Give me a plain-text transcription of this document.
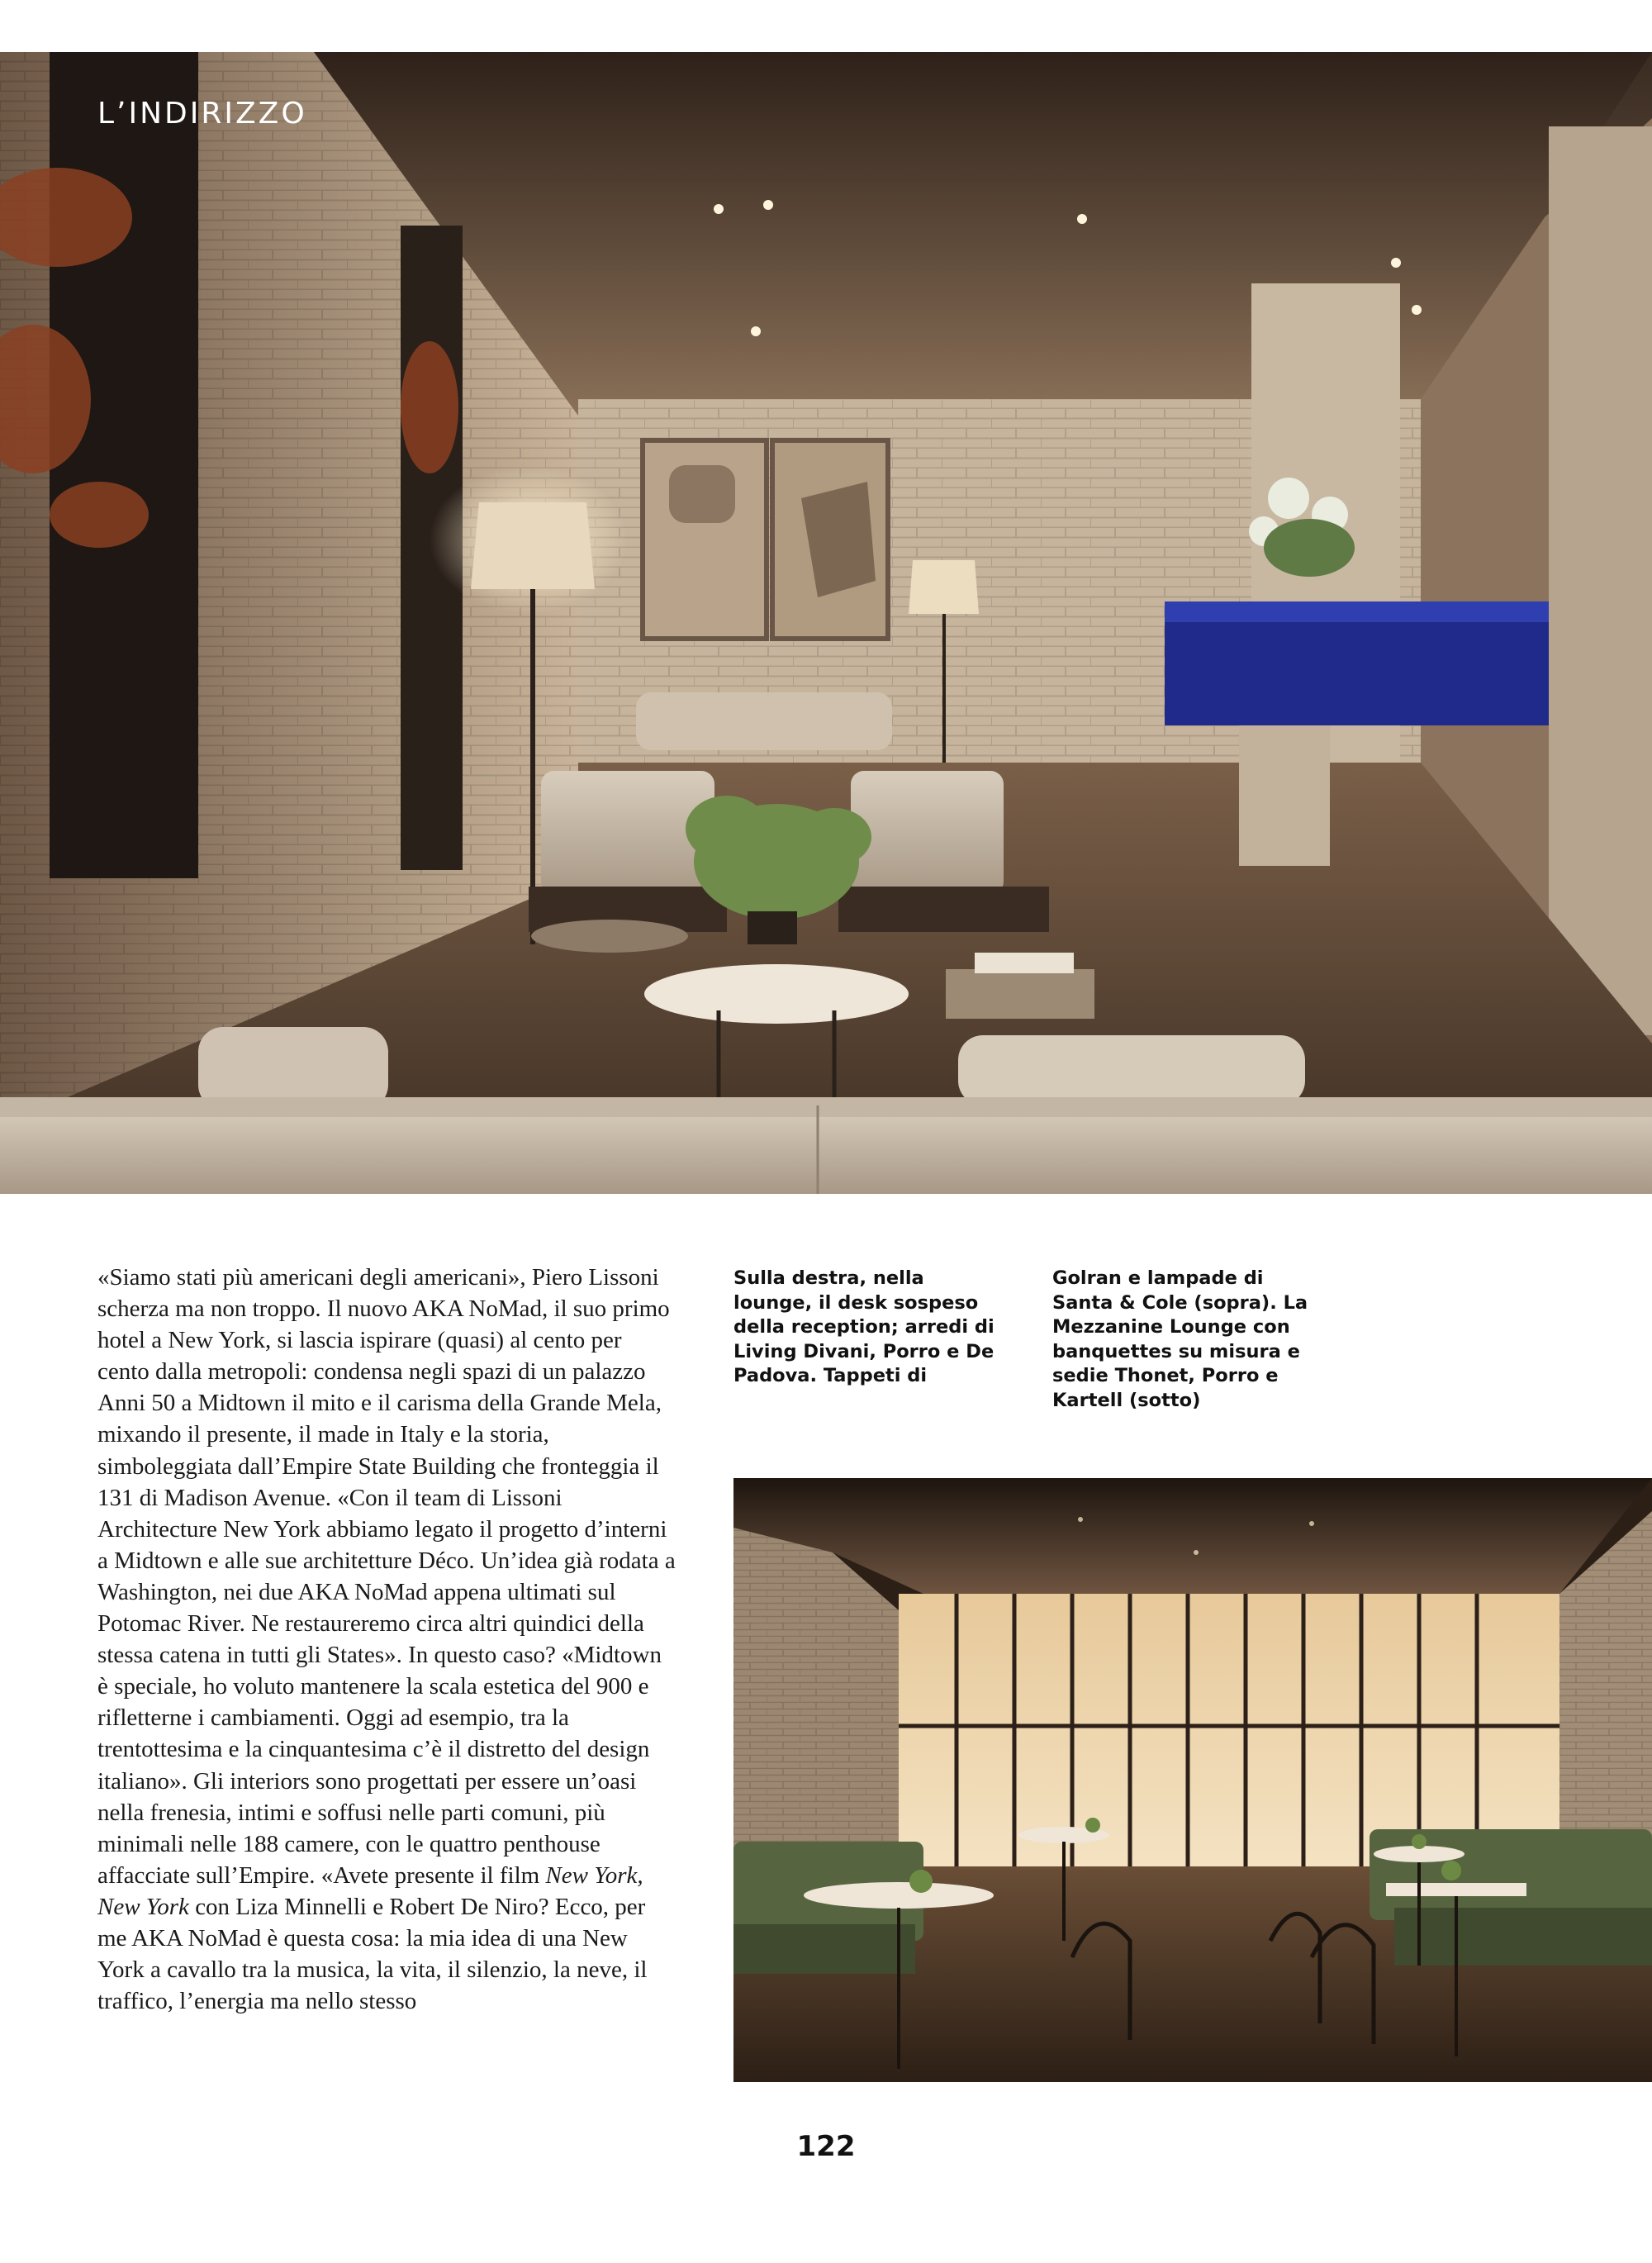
L’INDIRIZZO

«Siamo stati più americani degli americani», Piero Lissoni scherza ma non troppo. Il nuovo AKA NoMad, il suo primo hotel a New York, si lascia ispirare (quasi) al cento per cento dalla metropoli: condensa negli spazi di un palazzo Anni 50 a Midtown il mito e il carisma della Grande Mela, mixando il presente, il made in Italy e la storia, simboleggiata dall’Empire State Building che fronteggia il 131 di Madison Avenue. «Con il team di Lissoni Architecture New York abbiamo legato il progetto d’interni a Midtown e alle sue architetture Déco. Un’idea già rodata a Washington, nei due AKA NoMad appena ultimati sul Potomac River. Ne restaureremo circa altri quindici della stessa catena in tutti gli States». In questo caso? «Midtown è speciale, ho voluto mantenere la scala estetica del 900 e rifletterne i cambiamenti. Oggi ad esempio, tra la trentottesima e la cinquantesima c’è il distretto del design italiano». Gli interiors sono progettati per essere un’oasi nella frenesia, intimi e soffusi nelle parti comuni, più minimali nelle 188 camere, con le quattro penthouse affacciate sull’Empire. «Avete presente il film New York, New York con Liza Minnelli e Robert De Niro? Ecco, per me AKA NoMad è questa cosa: la mia idea di una New York a cavallo tra la musica, la vita, il silenzio, la neve, il traffico, l’energia ma nello stesso

Sulla destra, nella lounge, il desk sospeso della reception; arredi di Living Divani, Porro e De Padova. Tappeti di
Golran e lampade di Santa & Cole (sopra). La Mezzanine Lounge con banquettes su misura e sedie Thonet, Porro e Kartell (sotto)
122
